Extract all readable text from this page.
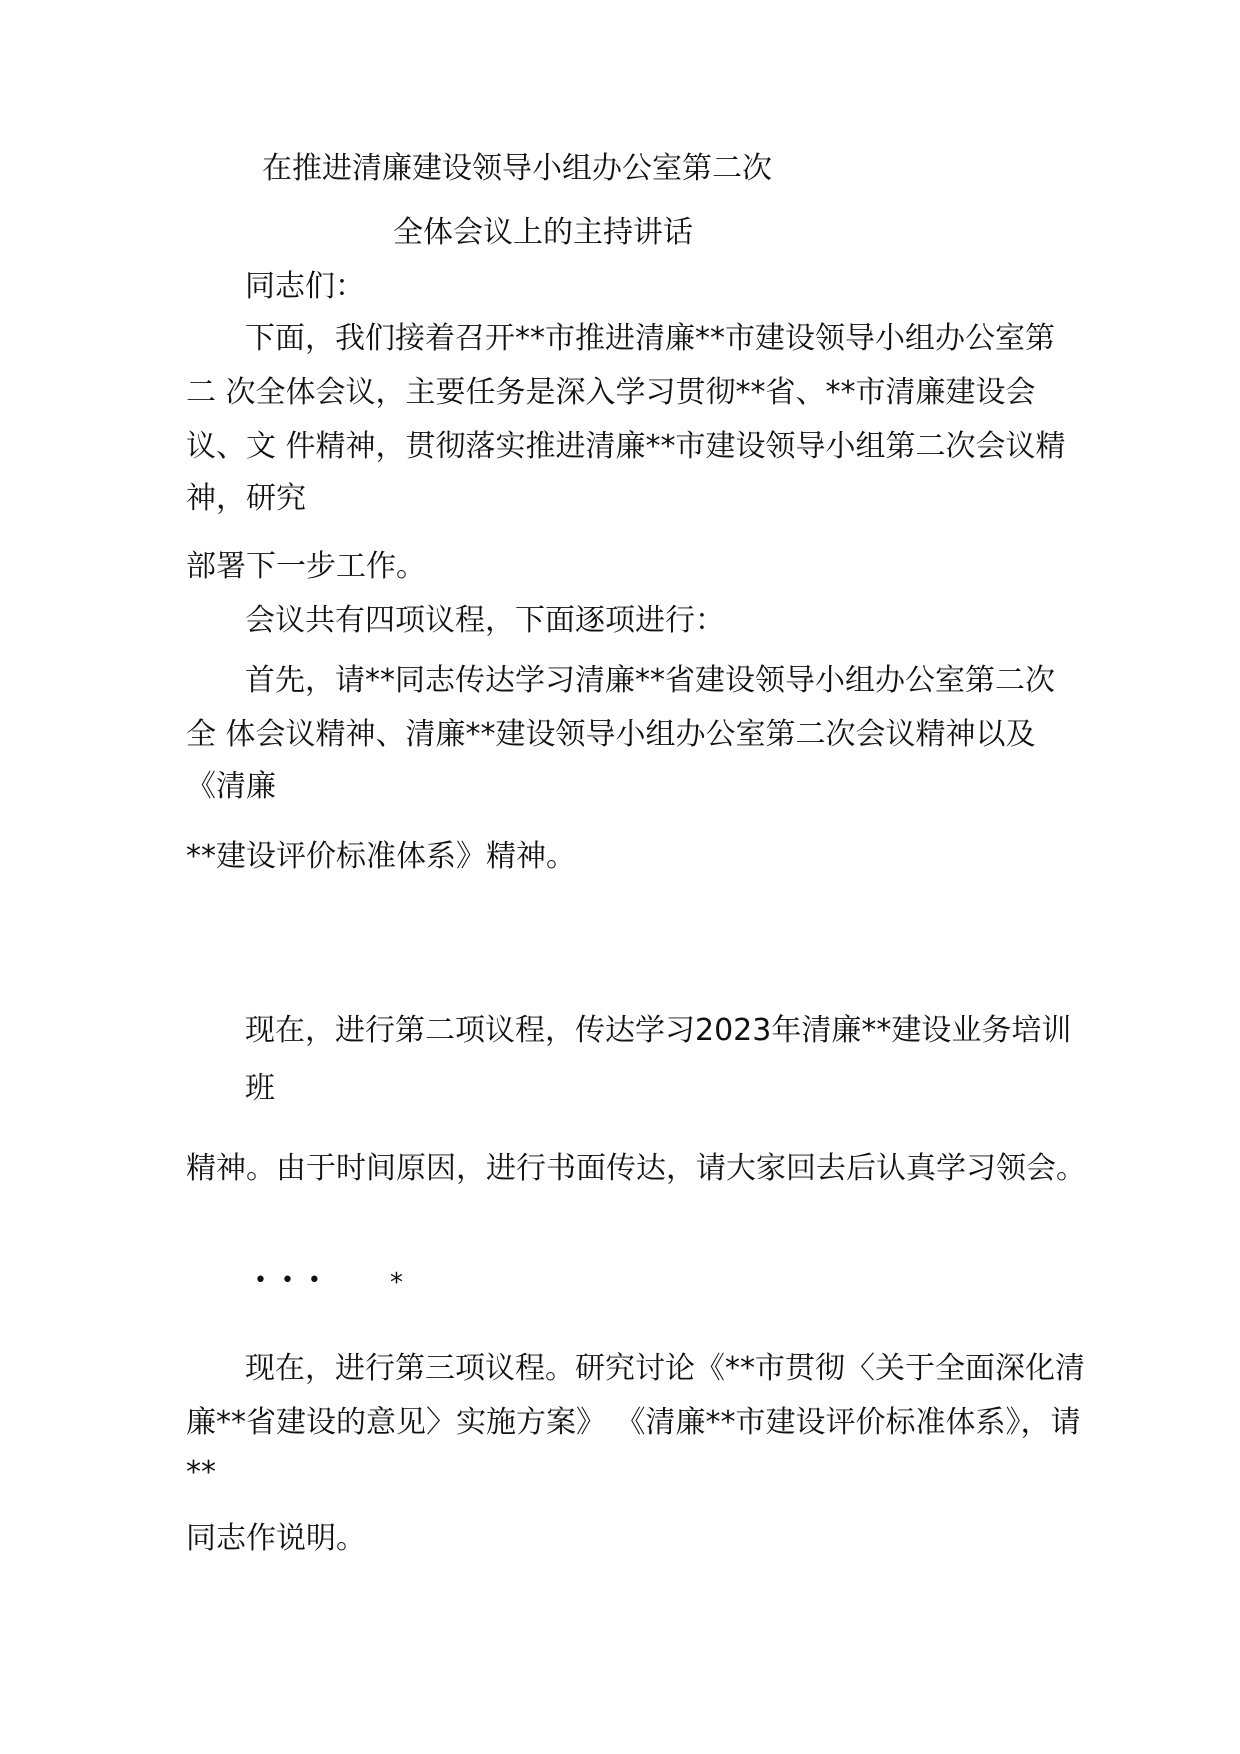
在推进清廉建设领导小组办公室第二次

全体会议上的主持讲话

同志们：

下面，我们接着召开**市推进清廉**市建设领导小组办公室第

二 次全体会议，主要任务是深入学习贯彻**省、**市清廉建设会

议、文 件精神，贯彻落实推进清廉**市建设领导小组第二次会议精

神，研究

部署下一步工作。

会议共有四项议程，下面逐项进行：

首先，请**同志传达学习清廉**省建设领导小组办公室第二次

全 体会议精神、清廉**建设领导小组办公室第二次会议精神以及

《清廉

**建设评价标准体系》精神。

现在，进行第二项议程，传达学习2023年清廉**建设业务培训

班

精神。由于时间原因，进行书面传达，请大家回去后认真学习领会。

•  •  •	*

现在，进行第三项议程。研究讨论《**市贯彻〈关于全面深化清

廉**省建设的意见〉实施方案》 《清廉**市建设评价标准体系》，请

**

同志作说明。
